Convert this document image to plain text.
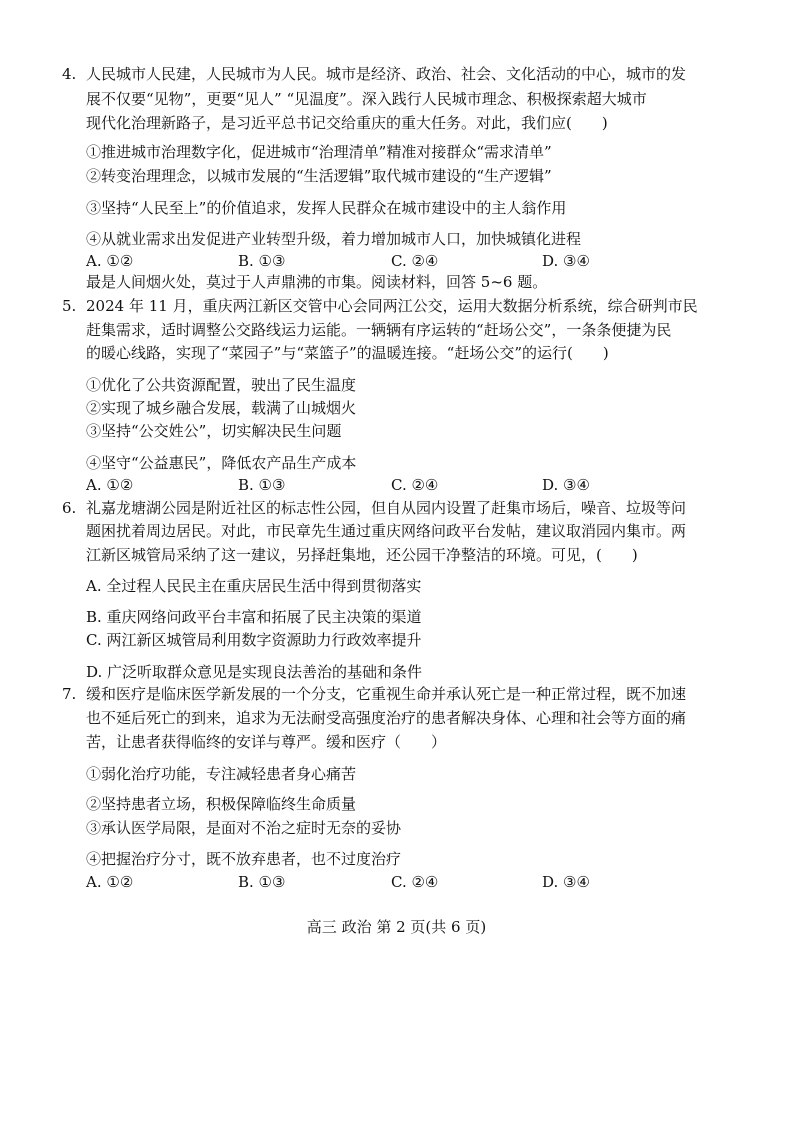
4. 人民城市人民建，人民城市为人民。城市是经济、政治、社会、文化活动的中心，城市的发
展不仅要“见物”，更要“见人” “见温度”。深入践行人民城市理念、积极探索超大城市
现代化治理新路子，是习近平总书记交给重庆的重大任务。对此，我们应(　　)
①推进城市治理数字化，促进城市“治理清单”精准对接群众“需求清单”
②转变治理理念，以城市发展的“生活逻辑”取代城市建设的“生产逻辑”
③坚持“人民至上”的价值追求，发挥人民群众在城市建设中的主人翁作用
④从就业需求出发促进产业转型升级，着力增加城市人口，加快城镇化进程
A. ①②	B. ①③	C. ②④	D. ③④
最是人间烟火处，莫过于人声鼎沸的市集。阅读材料，回答 5~6 题。
5. 2024 年 11 月，重庆两江新区交管中心会同两江公交，运用大数据分析系统，综合研判市民
赶集需求，适时调整公交路线运力运能。一辆辆有序运转的“赶场公交”，一条条便捷为民
的暖心线路，实现了“菜园子”与“菜篮子”的温暖连接。“赶场公交”的运行(　　)
①优化了公共资源配置，驶出了民生温度
②实现了城乡融合发展，载满了山城烟火
③坚持“公交姓公”，切实解决民生问题
④坚守“公益惠民”，降低农产品生产成本
A. ①②	B. ①③	C. ②④	D. ③④
6. 礼嘉龙塘湖公园是附近社区的标志性公园，但自从园内设置了赶集市场后，噪音、垃圾等问
题困扰着周边居民。对此，市民章先生通过重庆网络问政平台发帖，建议取消园内集市。两
江新区城管局采纳了这一建议，另择赶集地，还公园干净整洁的环境。可见，(　　)
A. 全过程人民民主在重庆居民生活中得到贯彻落实
B. 重庆网络问政平台丰富和拓展了民主决策的渠道
C. 两江新区城管局利用数字资源助力行政效率提升
D. 广泛听取群众意见是实现良法善治的基础和条件
7. 缓和医疗是临床医学新发展的一个分支，它重视生命并承认死亡是一种正常过程，既不加速
也不延后死亡的到来，追求为无法耐受高强度治疗的患者解决身体、心理和社会等方面的痛
苦，让患者获得临终的安详与尊严。缓和医疗（　　）
①弱化治疗功能，专注减轻患者身心痛苦
②坚持患者立场，积极保障临终生命质量
③承认医学局限，是面对不治之症时无奈的妥协
④把握治疗分寸，既不放弃患者，也不过度治疗
A. ①②	B. ①③	C. ②④	D. ③④
高三 政治 第 2 页(共 6 页)
